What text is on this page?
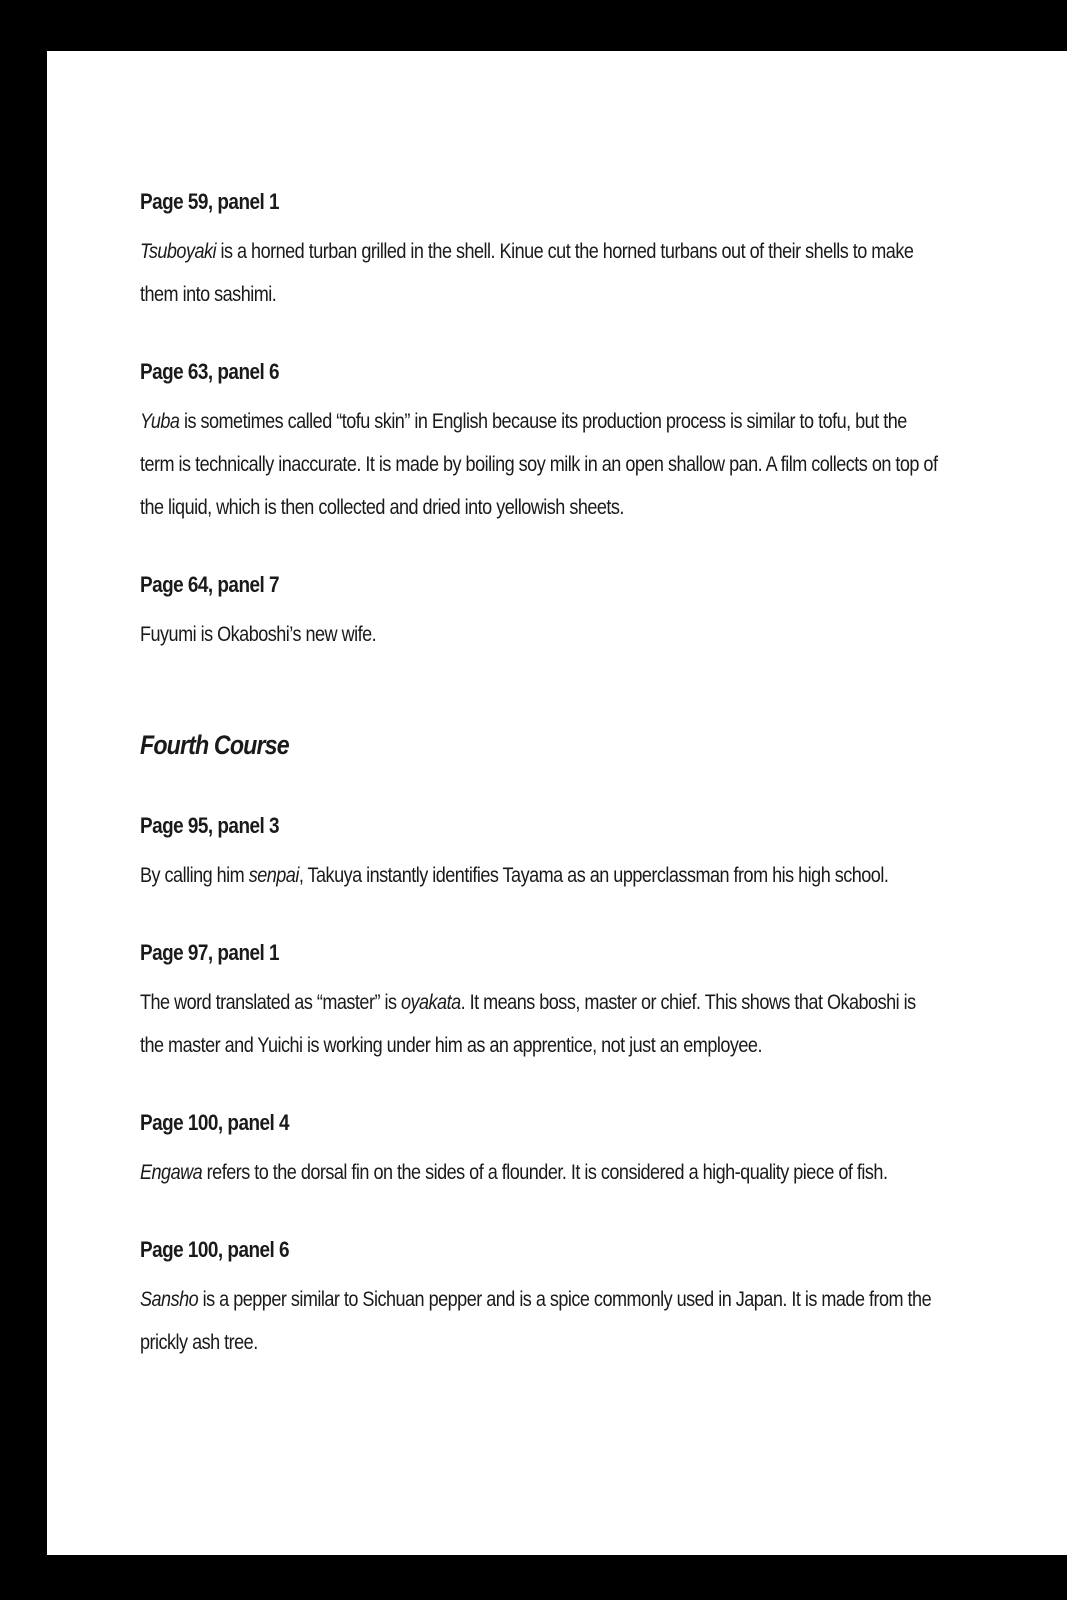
Page 59, panel 1

Tsuboyaki is a horned turban grilled in the shell. Kinue cut the horned turbans out of their shells to make them into sashimi.

Page 63, panel 6

Yuba is sometimes called “tofu skin” in English because its production process is similar to tofu, but the term is technically inaccurate. It is made by boiling soy milk in an open shallow pan. A film collects on top of the liquid, which is then collected and dried into yellowish sheets.

Page 64, panel 7

Fuyumi is Okaboshi’s new wife.

Fourth Course
Page 95, panel 3

By calling him senpai, Takuya instantly identifies Tayama as an upperclassman from his high school.

Page 97, panel 1

The word translated as “master” is oyakata. It means boss, master or chief. This shows that Okaboshi is the master and Yuichi is working under him as an apprentice, not just an employee.

Page 100, panel 4

Engawa refers to the dorsal fin on the sides of a flounder. It is considered a high-quality piece of fish.

Page 100, panel 6

Sansho is a pepper similar to Sichuan pepper and is a spice commonly used in Japan. It is made from the prickly ash tree.
